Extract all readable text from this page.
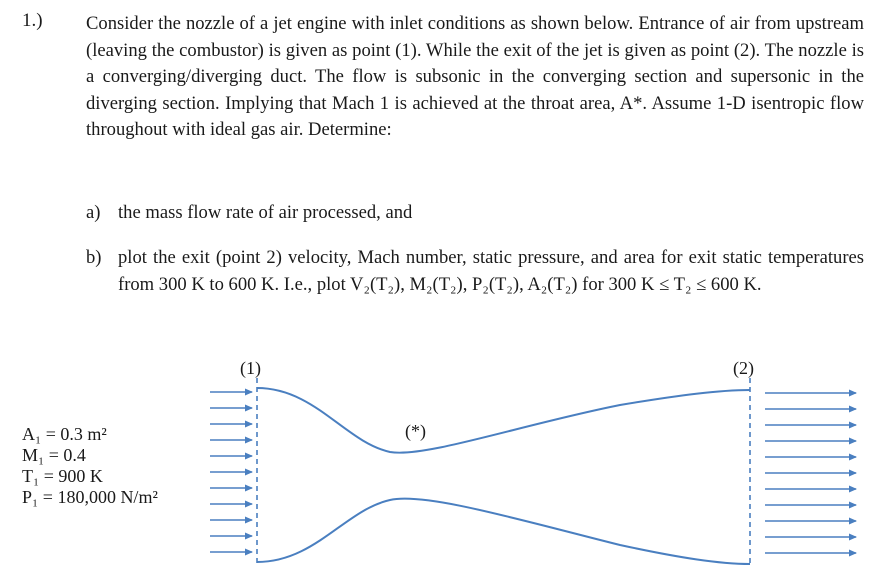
1.) Consider the nozzle of a jet engine with inlet conditions as shown below. Entrance of air from upstream (leaving the combustor) is given as point (1). While the exit of the jet is given as point (2). The nozzle is a converging/diverging duct. The flow is subsonic in the converging section and supersonic in the diverging section. Implying that Mach 1 is achieved at the throat area, A*. Assume 1-D isentropic flow throughout with ideal gas air. Determine:
a) the mass flow rate of air processed, and
b) plot the exit (point 2) velocity, Mach number, static pressure, and area for exit static temperatures from 300 K to 600 K. I.e., plot V₂(T₂), M₂(T₂), P₂(T₂), A₂(T₂) for 300 K ≤ T₂ ≤ 600 K.
A₁ = 0.3 m²
M₁ = 0.4
T₁ = 900 K
P₁ = 180,000 N/m²
(1)	(2)
(*)
